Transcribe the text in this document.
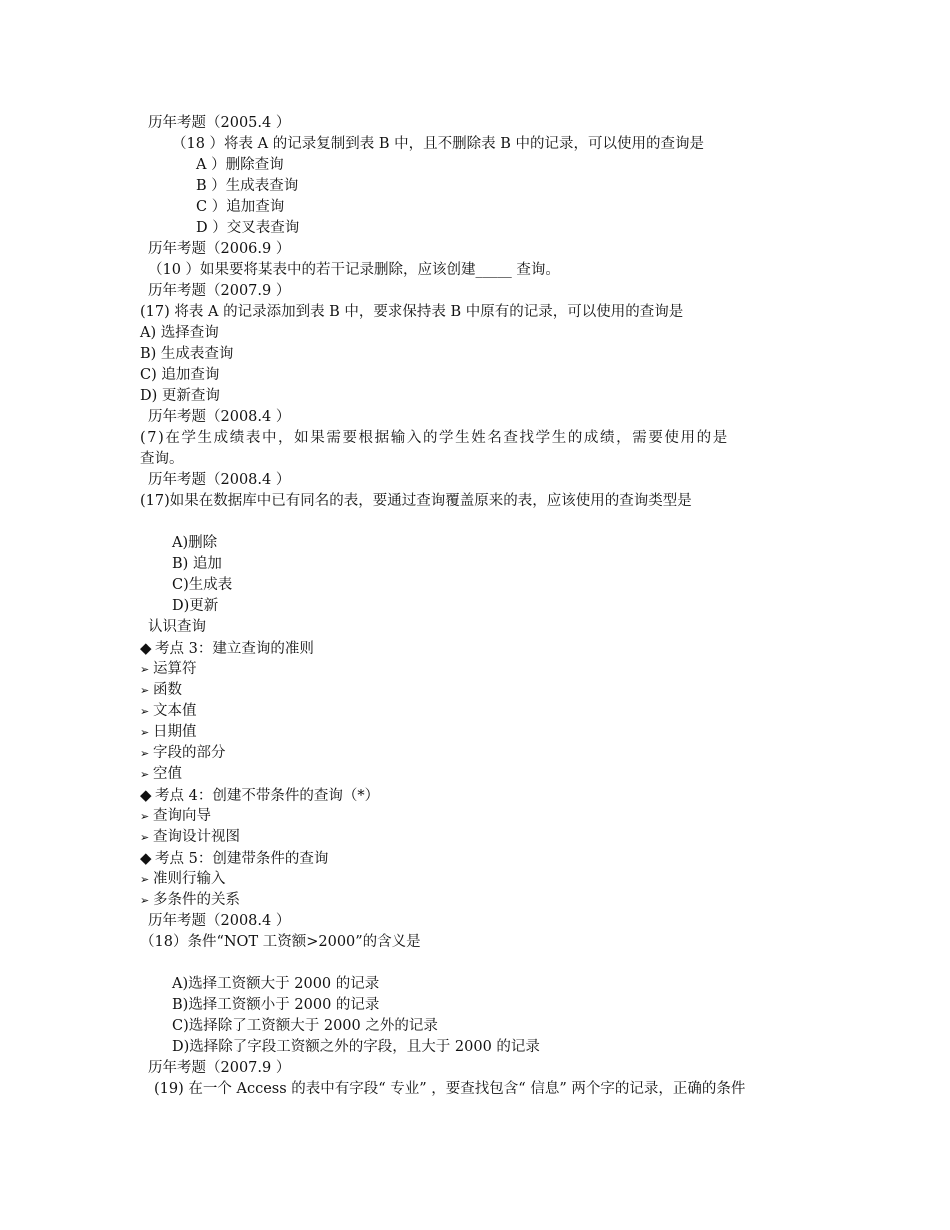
历年考题（2005.4 ）
（18 ）将表 A 的记录复制到表 B 中，且不删除表 B 中的记录，可以使用的查询是
A ）删除查询
B ）生成表查询
C ）追加查询
D ）交叉表查询
历年考题（2006.9 ）
（10 ）如果要将某表中的若干记录删除，应该创建_____ 查询。
历年考题（2007.9 ）
(17) 将表 A 的记录添加到表 B 中，要求保持表 B 中原有的记录，可以使用的查询是
A) 选择查询
B) 生成表查询
C) 追加查询
D) 更新查询
历年考题（2008.4 ）
(7)在学生成绩表中，如果需要根据输入的学生姓名查找学生的成绩，需要使用的是
查询。
历年考题（2008.4 ）
(17)如果在数据库中已有同名的表，要通过查询覆盖原来的表，应该使用的查询类型是
A)删除
B) 追加
C)生成表
D)更新
认识查询
◆ 考点 3：建立查询的准则
➢ 运算符
➢ 函数
➢ 文本值
➢ 日期值
➢ 字段的部分
➢ 空值
◆ 考点 4：创建不带条件的查询（*）
➢ 查询向导
➢ 查询设计视图
◆ 考点 5：创建带条件的查询
➢ 准则行输入
➢ 多条件的关系
历年考题（2008.4 ）
（18）条件“NOT 工资额>2000”的含义是
A)选择工资额大于 2000 的记录
B)选择工资额小于 2000 的记录
C)选择除了工资额大于 2000 之外的记录
D)选择除了字段工资额之外的字段，且大于 2000 的记录
历年考题（2007.9 ）
(19) 在一个 Access 的表中有字段“ 专业” ，要查找包含“ 信息” 两个字的记录，正确的条件
